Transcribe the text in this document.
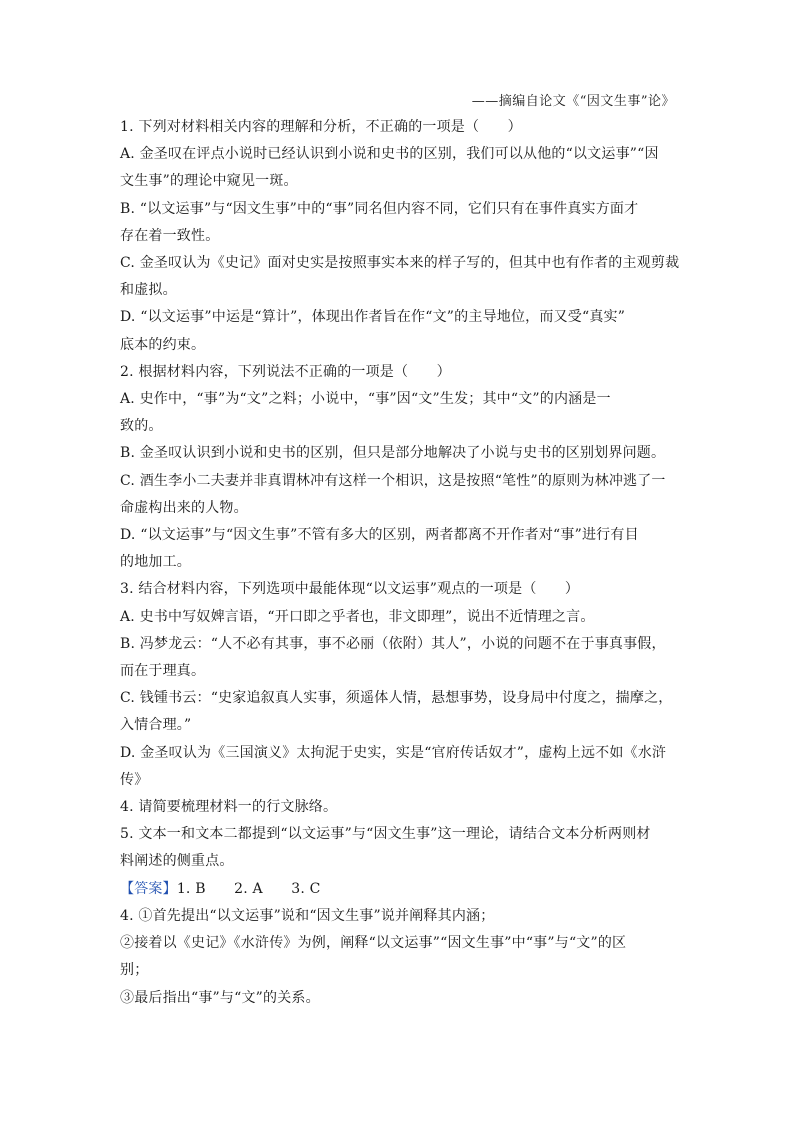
——摘编自论文《“因文生事”论》
1. 下列对材料相关内容的理解和分析，不正确的一项是（　　）
A. 金圣叹在评点小说时已经认识到小说和史书的区别，我们可以从他的“以文运事”“因
文生事”的理论中窥见一斑。
B. “以文运事”与“因文生事”中的“事”同名但内容不同，它们只有在事件真实方面才
存在着一致性。
C. 金圣叹认为《史记》面对史实是按照事实本来的样子写的，但其中也有作者的主观剪裁
和虚拟。
D. “以文运事”中运是“算计”，体现出作者旨在作“文”的主导地位，而又受“真实”
底本的约束。
2. 根据材料内容，下列说法不正确的一项是（　　）
A. 史作中，“事”为“文”之料；小说中，“事”因“文”生发；其中“文”的内涵是一
致的。
B. 金圣叹认识到小说和史书的区别，但只是部分地解决了小说与史书的区别划界问题。
C. 酒生李小二夫妻并非真谓林冲有这样一个相识，这是按照“笔性”的原则为林冲逃了一
命虚构出来的人物。
D. “以文运事”与“因文生事”不管有多大的区别，两者都离不开作者对“事”进行有目
的地加工。
3. 结合材料内容，下列选项中最能体现“以文运事”观点的一项是（　　）
A. 史书中写奴婢言语，“开口即之乎者也，非文即理”，说出不近情理之言。
B. 冯梦龙云：“人不必有其事，事不必丽（依附）其人”，小说的问题不在于事真事假，
而在于理真。
C. 钱锺书云：“史家追叙真人实事，须遥体人情，悬想事势，设身局中付度之，揣摩之，
入情合理。”
D. 金圣叹认为《三国演义》太拘泥于史实，实是“官府传话奴才”，虚构上远不如《水浒
传》
4. 请简要梳理材料一的行文脉络。
5. 文本一和文本二都提到“以文运事”与“因文生事”这一理论，请结合文本分析两则材
料阐述的侧重点。
【答案】1. B　　2. A　　3. C
4. ①首先提出“以文运事”说和“因文生事”说并阐释其内涵；
②接着以《史记》《水浒传》为例，阐释“以文运事”“因文生事”中“事”与“文”的区
别；
③最后指出“事”与“文”的关系。
